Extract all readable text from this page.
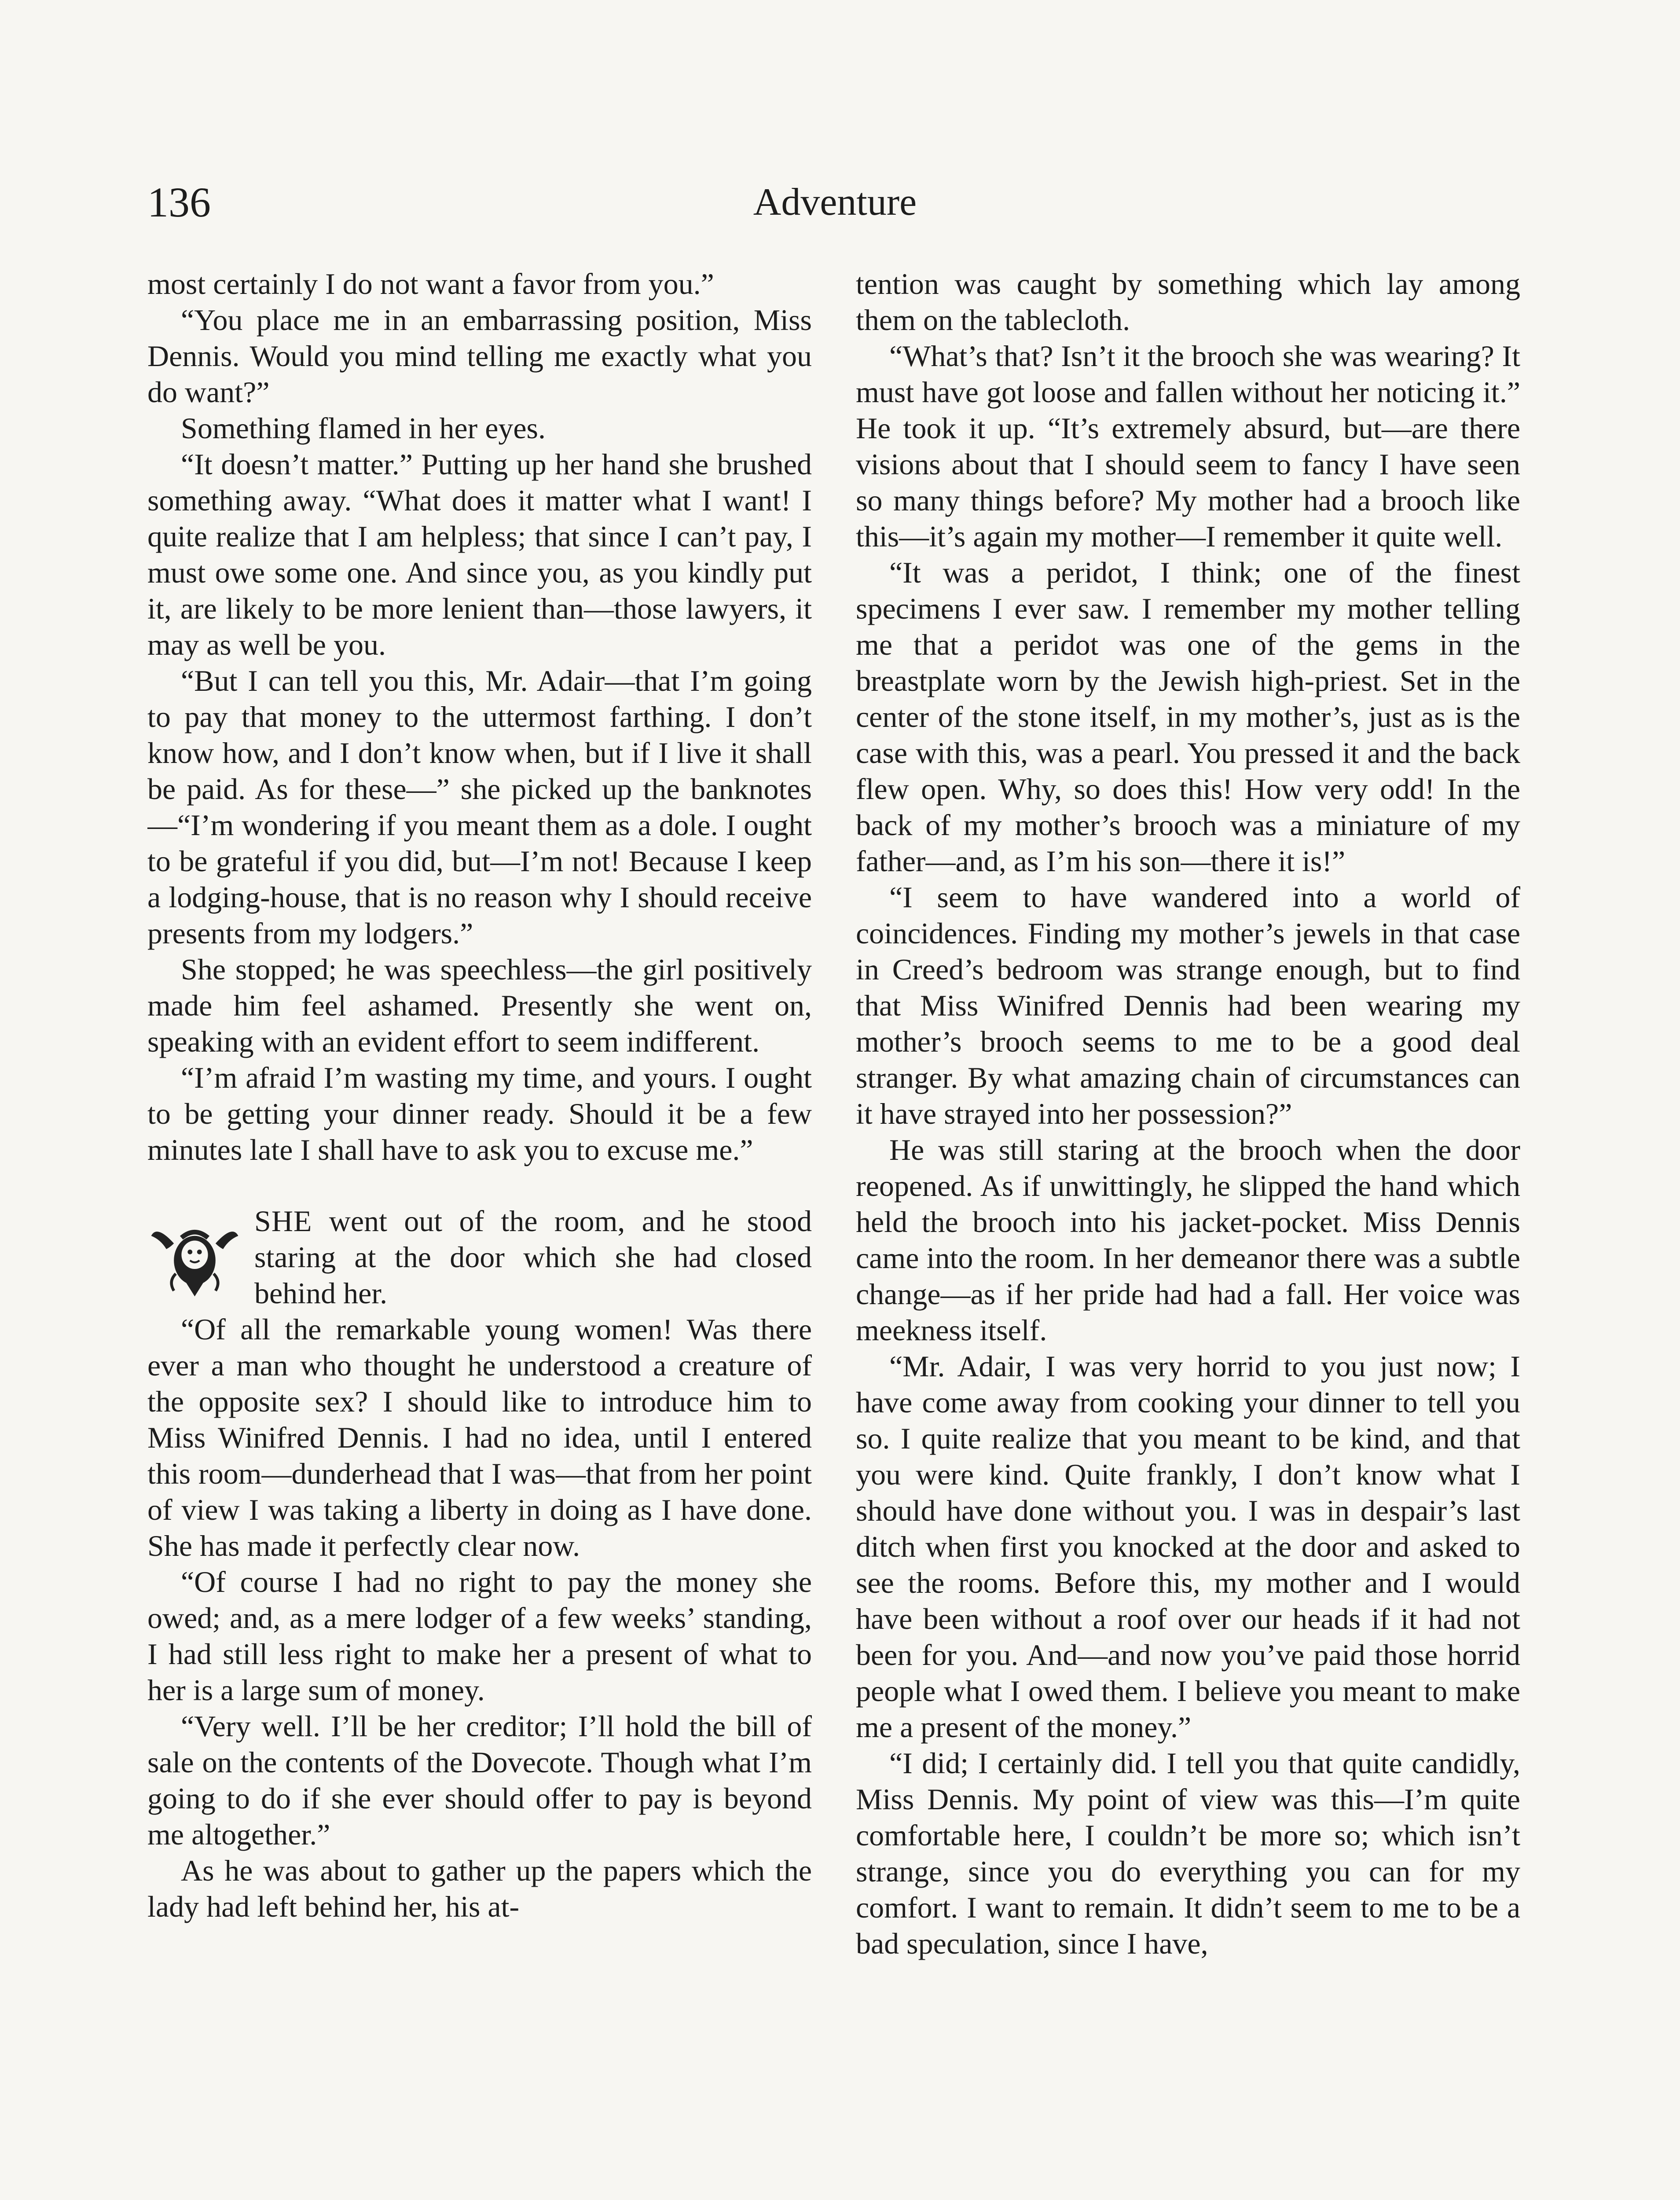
136	Adventure

most certainly I do not want a favor from you.”

“You place me in an embarrassing position, Miss Dennis. Would you mind telling me exactly what you do want?”

Something flamed in her eyes.

“It doesn’t matter.” Putting up her hand she brushed something away. “What does it matter what I want! I quite realize that I am helpless; that since I can’t pay, I must owe some one. And since you, as you kindly put it, are likely to be more lenient than—those lawyers, it may as well be you.

“But I can tell you this, Mr. Adair—that I’m going to pay that money to the uttermost farthing. I don’t know how, and I don’t know when, but if I live it shall be paid. As for these—” she picked up the banknotes—“I’m wondering if you meant them as a dole. I ought to be grateful if you did, but—I’m not! Because I keep a lodging-house, that is no reason why I should receive presents from my lodgers.”

She stopped; he was speechless—the girl positively made him feel ashamed. Presently she went on, speaking with an evident effort to seem indifferent.

“I’m afraid I’m wasting my time, and yours. I ought to be getting your dinner ready. Should it be a few minutes late I shall have to ask you to excuse me.”

SHE went out of the room, and he stood staring at the door which she had closed behind her.

“Of all the remarkable young women! Was there ever a man who thought he understood a creature of the opposite sex? I should like to introduce him to Miss Winifred Dennis. I had no idea, until I entered this room—dunderhead that I was—that from her point of view I was taking a liberty in doing as I have done. She has made it perfectly clear now.

“Of course I had no right to pay the money she owed; and, as a mere lodger of a few weeks’ standing, I had still less right to make her a present of what to her is a large sum of money.

“Very well. I’ll be her creditor; I’ll hold the bill of sale on the contents of the Dovecote. Though what I’m going to do if she ever should offer to pay is beyond me altogether.”

As he was about to gather up the papers which the lady had left behind her, his at-

tention was caught by something which lay among them on the tablecloth.

“What’s that? Isn’t it the brooch she was wearing? It must have got loose and fallen without her noticing it.” He took it up. “It’s extremely absurd, but—are there visions about that I should seem to fancy I have seen so many things before? My mother had a brooch like this—it’s again my mother—I remember it quite well.

“It was a peridot, I think; one of the finest specimens I ever saw. I remember my mother telling me that a peridot was one of the gems in the breastplate worn by the Jewish high-priest. Set in the center of the stone itself, in my mother’s, just as is the case with this, was a pearl. You pressed it and the back flew open. Why, so does this! How very odd! In the back of my mother’s brooch was a miniature of my father—and, as I’m his son—there it is!”

“I seem to have wandered into a world of coincidences. Finding my mother’s jewels in that case in Creed’s bedroom was strange enough, but to find that Miss Winifred Dennis had been wearing my mother’s brooch seems to me to be a good deal stranger. By what amazing chain of circumstances can it have strayed into her possession?”

He was still staring at the brooch when the door reopened. As if unwittingly, he slipped the hand which held the brooch into his jacket-pocket. Miss Dennis came into the room. In her demeanor there was a subtle change—as if her pride had had a fall. Her voice was meekness itself.

“Mr. Adair, I was very horrid to you just now; I have come away from cooking your dinner to tell you so. I quite realize that you meant to be kind, and that you were kind. Quite frankly, I don’t know what I should have done without you. I was in despair’s last ditch when first you knocked at the door and asked to see the rooms. Before this, my mother and I would have been without a roof over our heads if it had not been for you. And—and now you’ve paid those horrid people what I owed them. I believe you meant to make me a present of the money.”

“I did; I certainly did. I tell you that quite candidly, Miss Dennis. My point of view was this—I’m quite comfortable here, I couldn’t be more so; which isn’t strange, since you do everything you can for my comfort. I want to remain. It didn’t seem to me to be a bad speculation, since I have,
